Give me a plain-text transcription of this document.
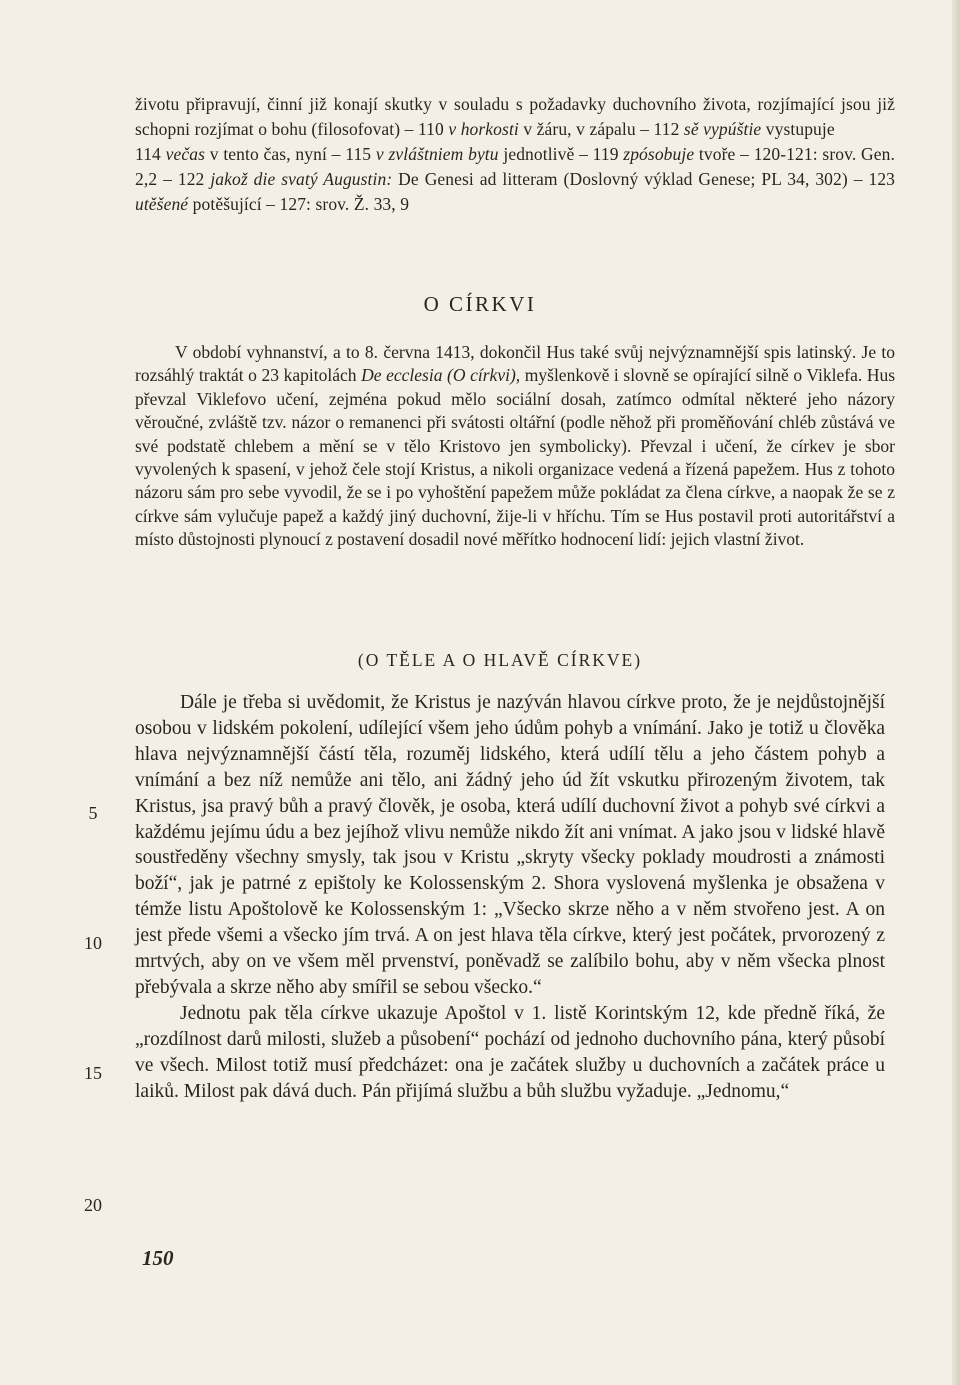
životu připravují, činní již konají skutky v souladu s požadavky duchovního života, rozjímající jsou již schopni rozjímat o bohu (filosofovat) – 110 v horkosti v žáru, v zápalu – 112 sě vypúštie vystupuje

114 večas v tento čas, nyní – 115 v zvláštniem bytu jednotlivě – 119 zpósobuje tvoře – 120-121: srov. Gen. 2,2 – 122 jakož die svatý Augustin: De Genesi ad litteram (Doslovný výklad Genese; PL 34, 302) – 123 utěšené potěšující – 127: srov. Ž. 33, 9

O CÍRKVI

V období vyhnanství, a to 8. června 1413, dokončil Hus také svůj nejvýznamnější spis latinský. Je to rozsáhlý traktát o 23 kapitolách De ecclesia (O církvi), myšlenkově i slovně se opírající silně o Viklefa. Hus převzal Viklefovo učení, zejména pokud mělo sociální dosah, zatímco odmítal některé jeho názory věroučné, zvláště tzv. názor o remanenci při svátosti oltářní (podle něhož při proměňování chléb zůstává ve své podstatě chlebem a mění se v tělo Kristovo jen symbolicky). Převzal i učení, že církev je sbor vyvolených k spasení, v jehož čele stojí Kristus, a nikoli organizace vedená a řízená papežem. Hus z tohoto názoru sám pro sebe vyvodil, že se i po vyhoštění papežem může pokládat za člena církve, a naopak že se z církve sám vylučuje papež a každý jiný duchovní, žije-li v hříchu. Tím se Hus postavil proti autoritářství a místo důstojnosti plynoucí z postavení dosadil nové měřítko hodnocení lidí: jejich vlastní život.

(O TĚLE A O HLAVĚ CÍRKVE)

Dále je třeba si uvědomit, že Kristus je nazýván hlavou církve proto, že je nejdůstojnější osobou v lidském pokolení, udílející všem jeho údům pohyb a vnímání. Jako je totiž u člověka hlava nejvýznamnější částí těla, rozuměj lidského, která udílí tělu a jeho částem pohyb a vnímání a bez níž nemůže ani tělo, ani žádný jeho úd žít vskutku přirozeným životem, tak Kristus, jsa pravý bůh a pravý člověk, je osoba, která udílí duchovní život a pohyb své církvi a každému jejímu údu a bez jejíhož vlivu nemůže nikdo žít ani vnímat. A jako jsou v lidské hlavě soustředěny všechny smysly, tak jsou v Kristu „skryty všecky poklady moudrosti a známosti boží“, jak je patrné z epištoly ke Kolossenským 2. Shora vyslovená myšlenka je obsažena v témže listu Apoštolově ke Kolossenským 1: „Všecko skrze něho a v něm stvořeno jest. A on jest přede všemi a všecko jím trvá. A on jest hlava těla církve, který jest počátek, prvorozený z mrtvých, aby on ve všem měl prvenství, poněvadž se zalíbilo bohu, aby v něm všecka plnost přebývala a skrze něho aby smířil se sebou všecko.“

Jednotu pak těla církve ukazuje Apoštol v 1. listě Korintským 12, kde předně říká, že „rozdílnost darů milosti, služeb a působení“ pochází od jednoho duchovního pána, který působí ve všech. Milost totiž musí předcházet: ona je začátek služby u duchovních a začátek práce u laiků. Milost pak dává duch. Pán přijímá službu a bůh službu vyžaduje. „Jednomu,“

5
10
15
20
150
